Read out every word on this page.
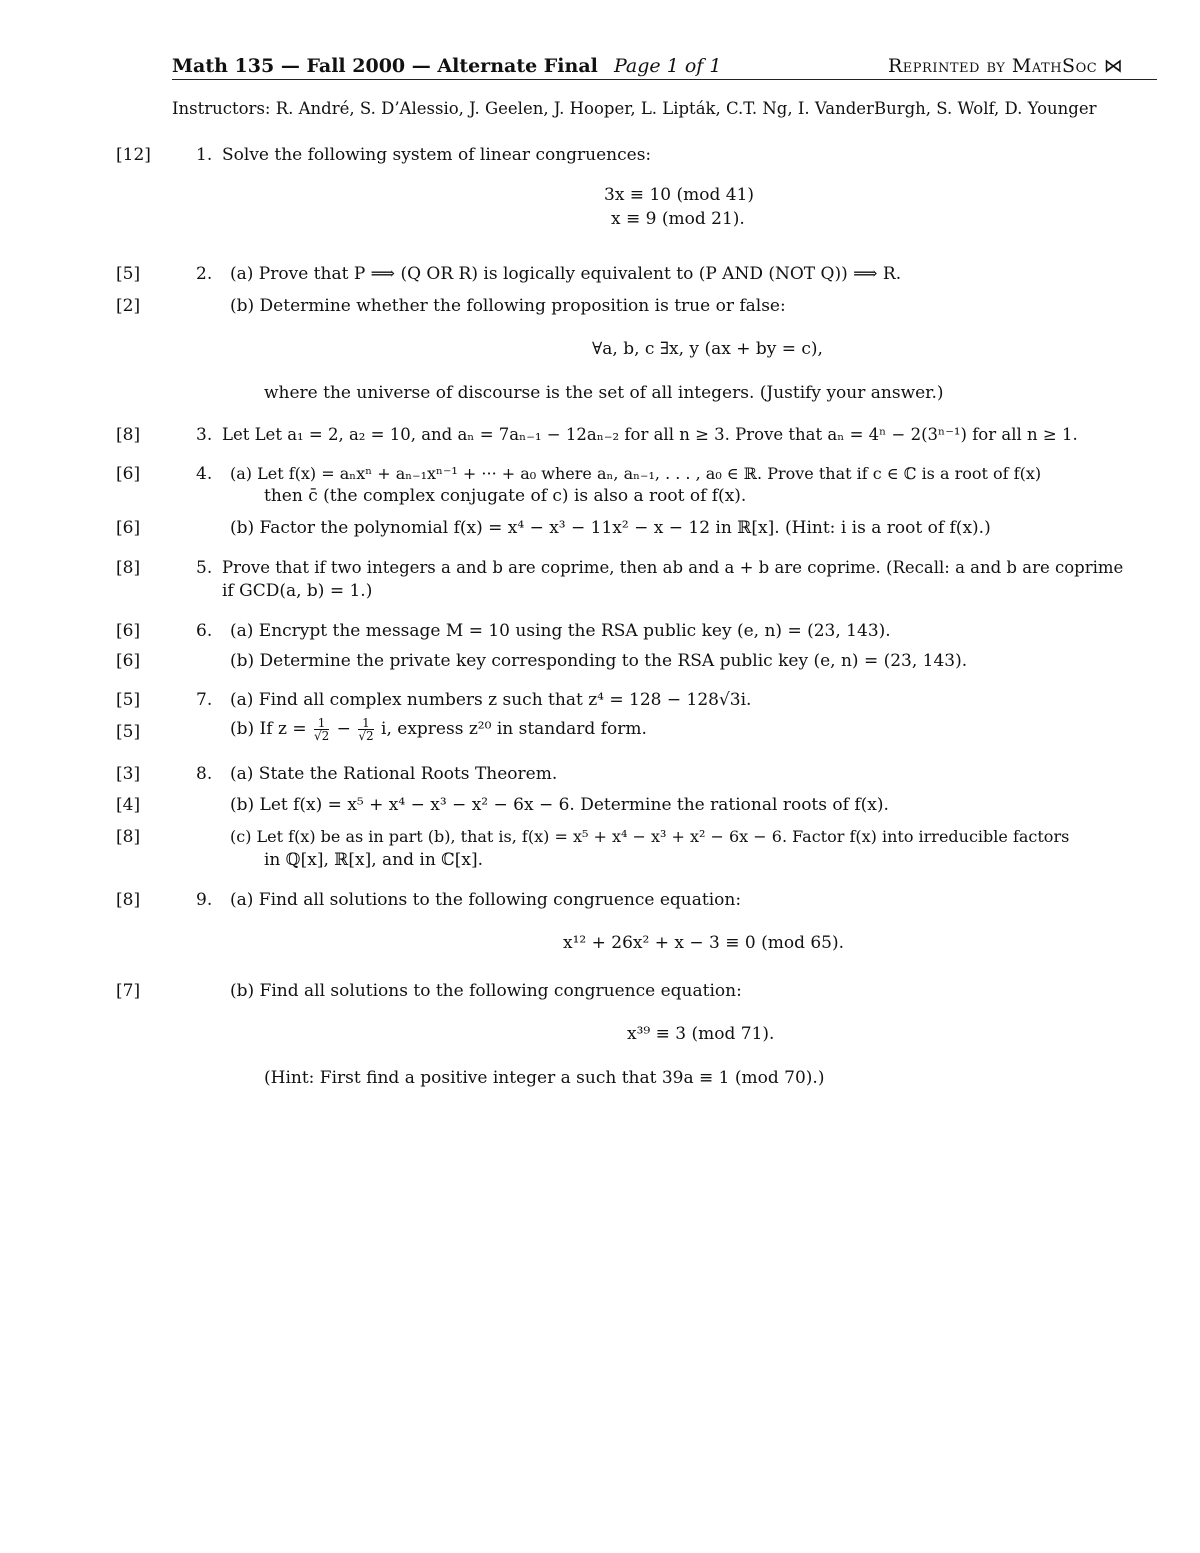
Math 135 — Fall 2000 — Alternate Final Page 1 of 1	Reprinted by MathSoc ⋈
Instructors: R. André, S. D’Alessio, J. Geelen, J. Hooper, L. Lipták, C.T. Ng, I. VanderBurgh, S. Wolf, D. Younger
[12]	1. Solve the following system of linear congruences:
3x ≡ 10 (mod 41)
x ≡ 9 (mod 21).
[5]	2. (a) Prove that P ⟹ (Q OR R) is logically equivalent to (P AND (NOT Q)) ⟹ R.
[2]	(b) Determine whether the following proposition is true or false:
∀a, b, c ∃x, y (ax + by = c),
where the universe of discourse is the set of all integers. (Justify your answer.)
[8]	3. Let Let a₁ = 2, a₂ = 10, and aₙ = 7aₙ₋₁ − 12aₙ₋₂ for all n ≥ 3. Prove that aₙ = 4ⁿ − 2(3ⁿ⁻¹) for all n ≥ 1.
[6]	4. (a) Let f(x) = aₙxⁿ + aₙ₋₁xⁿ⁻¹ + ··· + a₀ where aₙ, aₙ₋₁, . . . , a₀ ∈ ℝ. Prove that if c ∈ ℂ is a root of f(x)
then c̄ (the complex conjugate of c) is also a root of f(x).
[6]	(b) Factor the polynomial f(x) = x⁴ − x³ − 11x² − x − 12 in ℝ[x]. (Hint: i is a root of f(x).)
[8]	5. Prove that if two integers a and b are coprime, then ab and a + b are coprime. (Recall: a and b are coprime
if GCD(a, b) = 1.)
[6]	6. (a) Encrypt the message M = 10 using the RSA public key (e, n) = (23, 143).
[6]	(b) Determine the private key corresponding to the RSA public key (e, n) = (23, 143).
[5]	7. (a) Find all complex numbers z such that z⁴ = 128 − 128√3i.
[5]	(b) If $z = \frac{1}{√2} - \frac{1}{√2} i$, express z²⁰ in standard form.
[3]	8. (a) State the Rational Roots Theorem.
[4]	(b) Let f(x) = x⁵ + x⁴ − x³ − x² − 6x − 6. Determine the rational roots of f(x).
[8]	(c) Let f(x) be as in part (b), that is, f(x) = x⁵ + x⁴ − x³ + x² − 6x − 6. Factor f(x) into irreducible factors
in ℚ[x], ℝ[x], and in ℂ[x].
[8]	9. (a) Find all solutions to the following congruence equation:
x¹² + 26x² + x − 3 ≡ 0 (mod 65).
[7]	(b) Find all solutions to the following congruence equation:
x³⁹ ≡ 3 (mod 71).
(Hint: First find a positive integer a such that 39a ≡ 1 (mod 70).)
